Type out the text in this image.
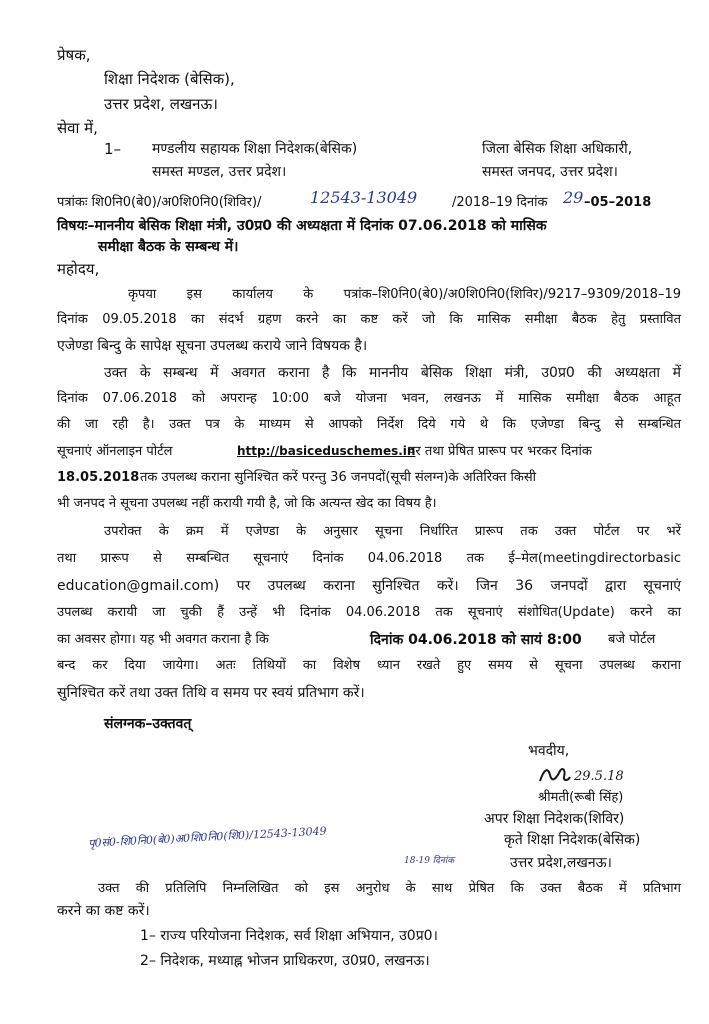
प्रेषक,
शिक्षा निदेशक (बेसिक),
उत्तर प्रदेश, लखनऊ।
सेवा में,
1– मण्डलीय सहायक शिक्षा निदेशक(बेसिक)
समस्त मण्डल, उत्तर प्रदेश।
जिला बेसिक शिक्षा अधिकारी,
समस्त जनपद, उत्तर प्रदेश।
पत्रांकः शि0नि0(बे0)/अ0शि0नि0(शिविर)/	12543-13049	/2018–19 दिनांक 29 –05–2018
विषयः–माननीय बेसिक शिक्षा मंत्री, उ0प्र0 की अध्यक्षता में दिनांक 07.06.2018 को मासिक
समीक्षा बैठक के सम्बन्ध में।
महोदय,
कृपया इस कार्यालय के पत्रांक–शि0नि0(बे0)/अ0शि0नि0(शिविर)/9217–9309/2018–19
दिनांक 09.05.2018 का संदर्भ ग्रहण करने का कष्ट करें जो कि मासिक समीक्षा बैठक हेतु प्रस्तावित
एजेण्डा बिन्दु के सापेक्ष सूचना उपलब्ध कराये जाने विषयक है।
उक्त के सम्बन्ध में अवगत कराना है कि माननीय बेसिक शिक्षा मंत्री, उ0प्र0 की अध्यक्षता में
दिनांक 07.06.2018 को अपरान्ह 10:00 बजे योजना भवन, लखनऊ में मासिक समीक्षा बैठक आहूत
की जा रही है। उक्त पत्र के माध्यम से आपको निर्देश दिये गये थे कि एजेण्डा बिन्दु से सम्बन्धित
सूचनाएं ऑनलाइन पोर्टल	http://basiceduschemes.in
पर तथा प्रेषित प्रारूप पर भरकर दिनांक
18.05.2018 तक उपलब्ध कराना सुनिश्चित करें परन्तु 36 जनपदों(सूची संलग्न)के अतिरिक्त किसी
भी जनपद ने सूचना उपलब्ध नहीं करायी गयी है, जो कि अत्यन्त खेद का विषय है।
उपरोक्त के क्रम में एजेण्डा के अनुसार सूचना निर्धारित प्रारूप तक उक्त पोर्टल पर भरें
तथा प्रारूप से सम्बन्धित सूचनाएं दिनांक 04.06.2018 तक ई–मेल(meetingdirectorbasic
education@gmail.com) पर उपलब्ध कराना सुनिश्चित करें। जिन 36 जनपदों द्वारा सूचनाएं
उपलब्ध करायी जा चुकी हैं उन्हें भी दिनांक 04.06.2018 तक सूचनाएं संशोधित(Update) करने का
का अवसर होगा। यह भी अवगत कराना है कि	दिनांक 04.06.2018 को सायं 8:00 बजे पोर्टल
बन्द कर दिया जायेगा। अतः तिथियों का विशेष ध्यान रखते हुए समय से सूचना उपलब्ध कराना
सुनिश्चित करें तथा उक्त तिथि व समय पर स्वयं प्रतिभाग करें।
संलग्नक–उक्तवत्
भवदीय,
29.5.18
श्रीमती(रूबी सिंह)
अपर शिक्षा निदेशक(शिविर)
कृते शिक्षा निदेशक(बेसिक)
उत्तर प्रदेश,लखनऊ।
पृ0सं0-शि0नि0(बे0)अ0शि0नि0(शि0)/12543-13049
18-19 दिनांक
उक्त की प्रतिलिपि निम्नलिखित को इस अनुरोध के साथ प्रेषित कि उक्त बैठक में प्रतिभाग
करने का कष्ट करें।
1– राज्य परियोजना निदेशक, सर्व शिक्षा अभियान, उ0प्र0।
2– निदेशक, मध्याह्न भोजन प्राधिकरण, उ0प्र0, लखनऊ।
